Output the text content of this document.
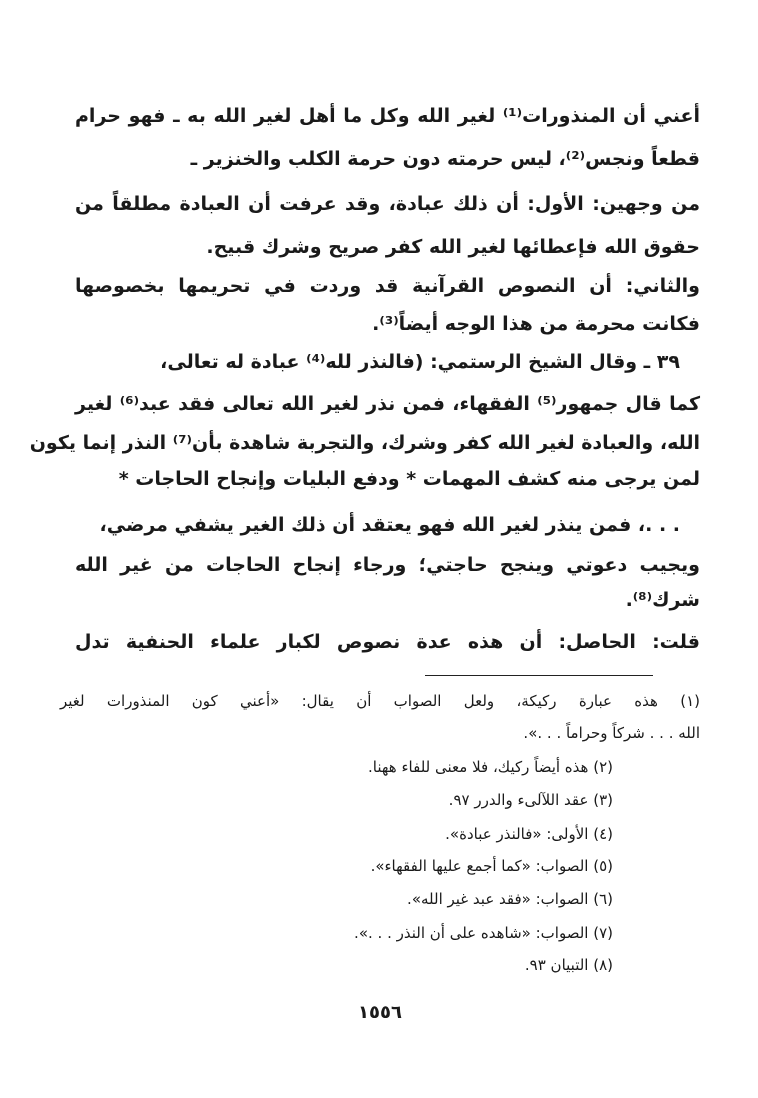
أعني أن المنذورات⁽¹⁾ لغير الله وكل ما أهل لغير الله به ـ فهو حرام
قطعاً ونجس⁽²⁾، ليس حرمته دون حرمة الكلب والخنزير ـ
من وجهين: الأول: أن ذلك عبادة، وقد عرفت أن العبادة مطلقاً من
حقوق الله فإعطائها لغير الله كفر صريح وشرك قبيح.
والثاني: أن النصوص القرآنية قد وردت في تحريمها بخصوصها
فكانت محرمة من هذا الوجه أيضاً⁽³⁾.
٣٩ ـ وقال الشيخ الرستمي: (فالنذر لله⁽⁴⁾ عبادة له تعالى،
كما قال جمهور⁽⁵⁾ الفقهاء، فمن نذر لغير الله تعالى فقد عبد⁽⁶⁾ لغير
الله، والعبادة لغير الله كفر وشرك، والتجربة شاهدة بأن⁽⁷⁾ النذر إنما يكون
لمن يرجى منه كشف المهمات * ودفع البليات وإنجاح الحاجات *
. . .، فمن ينذر لغير الله فهو يعتقد أن ذلك الغير يشفي مرضي،
ويجيب دعوتي وينجح حاجتي؛ ورجاء إنجاح الحاجات من غير الله
شرك⁽⁸⁾.
قلت: الحاصل: أن هذه عدة نصوص لكبار علماء الحنفية تدل
(١) هذه عبارة ركيكة، ولعل الصواب أن يقال: «أعني كون المنذورات لغير
الله . . . شركاً وحراماً . . .».
(٢) هذه أيضاً ركيك، فلا معنى للفاء ههنا.
(٣) عقد اللآلىء والدرر ٩٧.
(٤) الأولى: «فالنذر عبادة».
(٥) الصواب: «كما أجمع عليها الفقهاء».
(٦) الصواب: «فقد عبد غير الله».
(٧) الصواب: «شاهده على أن النذر . . .».
(٨) التبيان ٩٣.
١٥٥٦
